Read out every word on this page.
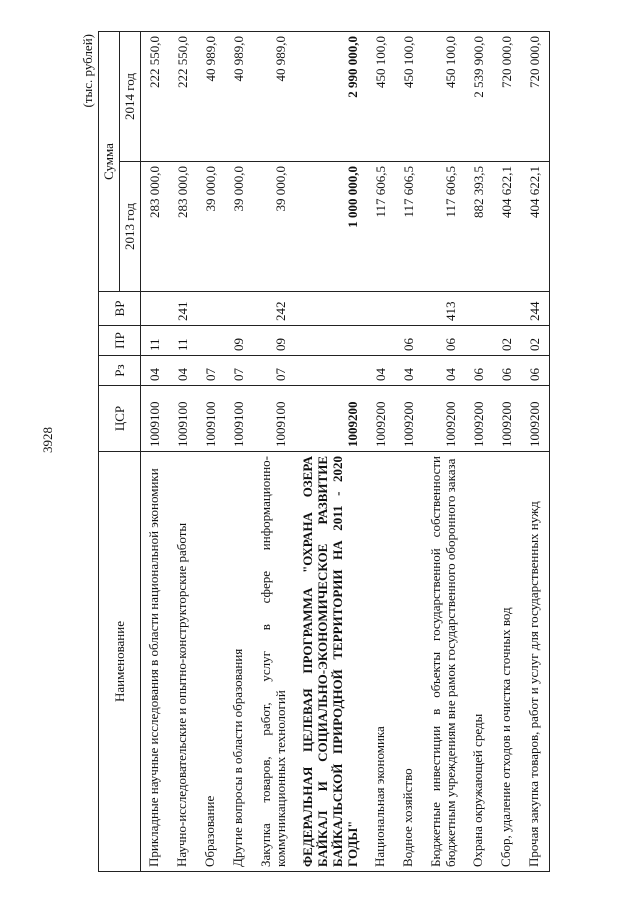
3928
(тыс. рублей)
Наименование	ЦСР	Рз	ПР	ВР	Сумма	
					2013 год	2014 год
Прикладные научные исследования в области национальной экономики	1009100	04	11		283 000,0	222 550,0
Научно-исследовательские и опытно-конструкторские работы	1009100	04	11	241	283 000,0	222 550,0
Образование	1009100	07			39 000,0	40 989,0
Другие вопросы в области образования	1009100	07	09		39 000,0	40 989,0
Закупка товаров, работ, услуг в сфере информационно-коммуникационных технологий	1009100	07	09	242	39 000,0	40 989,0
ФЕДЕРАЛЬНАЯ ЦЕЛЕВАЯ ПРОГРАММА "ОХРАНА ОЗЕРА БАЙКАЛ И СОЦИАЛЬНО-ЭКОНОМИЧЕСКОЕ РАЗВИТИЕ БАЙКАЛЬСКОЙ ПРИРОДНОЙ ТЕРРИТОРИИ НА 2011 - 2020 ГОДЫ"	1009200				1 000 000,0	2 990 000,0
Национальная экономика	1009200	04			117 606,5	450 100,0
Водное хозяйство	1009200	04	06		117 606,5	450 100,0
Бюджетные инвестиции в объекты государственной собственности бюджетным учреждениям вне рамок государственного оборонного заказа	1009200	04	06	413	117 606,5	450 100,0
Охрана окружающей среды	1009200	06			882 393,5	2 539 900,0
Сбор, удаление отходов и очистка сточных вод	1009200	06	02		404 622,1	720 000,0
Прочая закупка товаров, работ и услуг для государственных нужд	1009200	06	02	244	404 622,1	720 000,0
